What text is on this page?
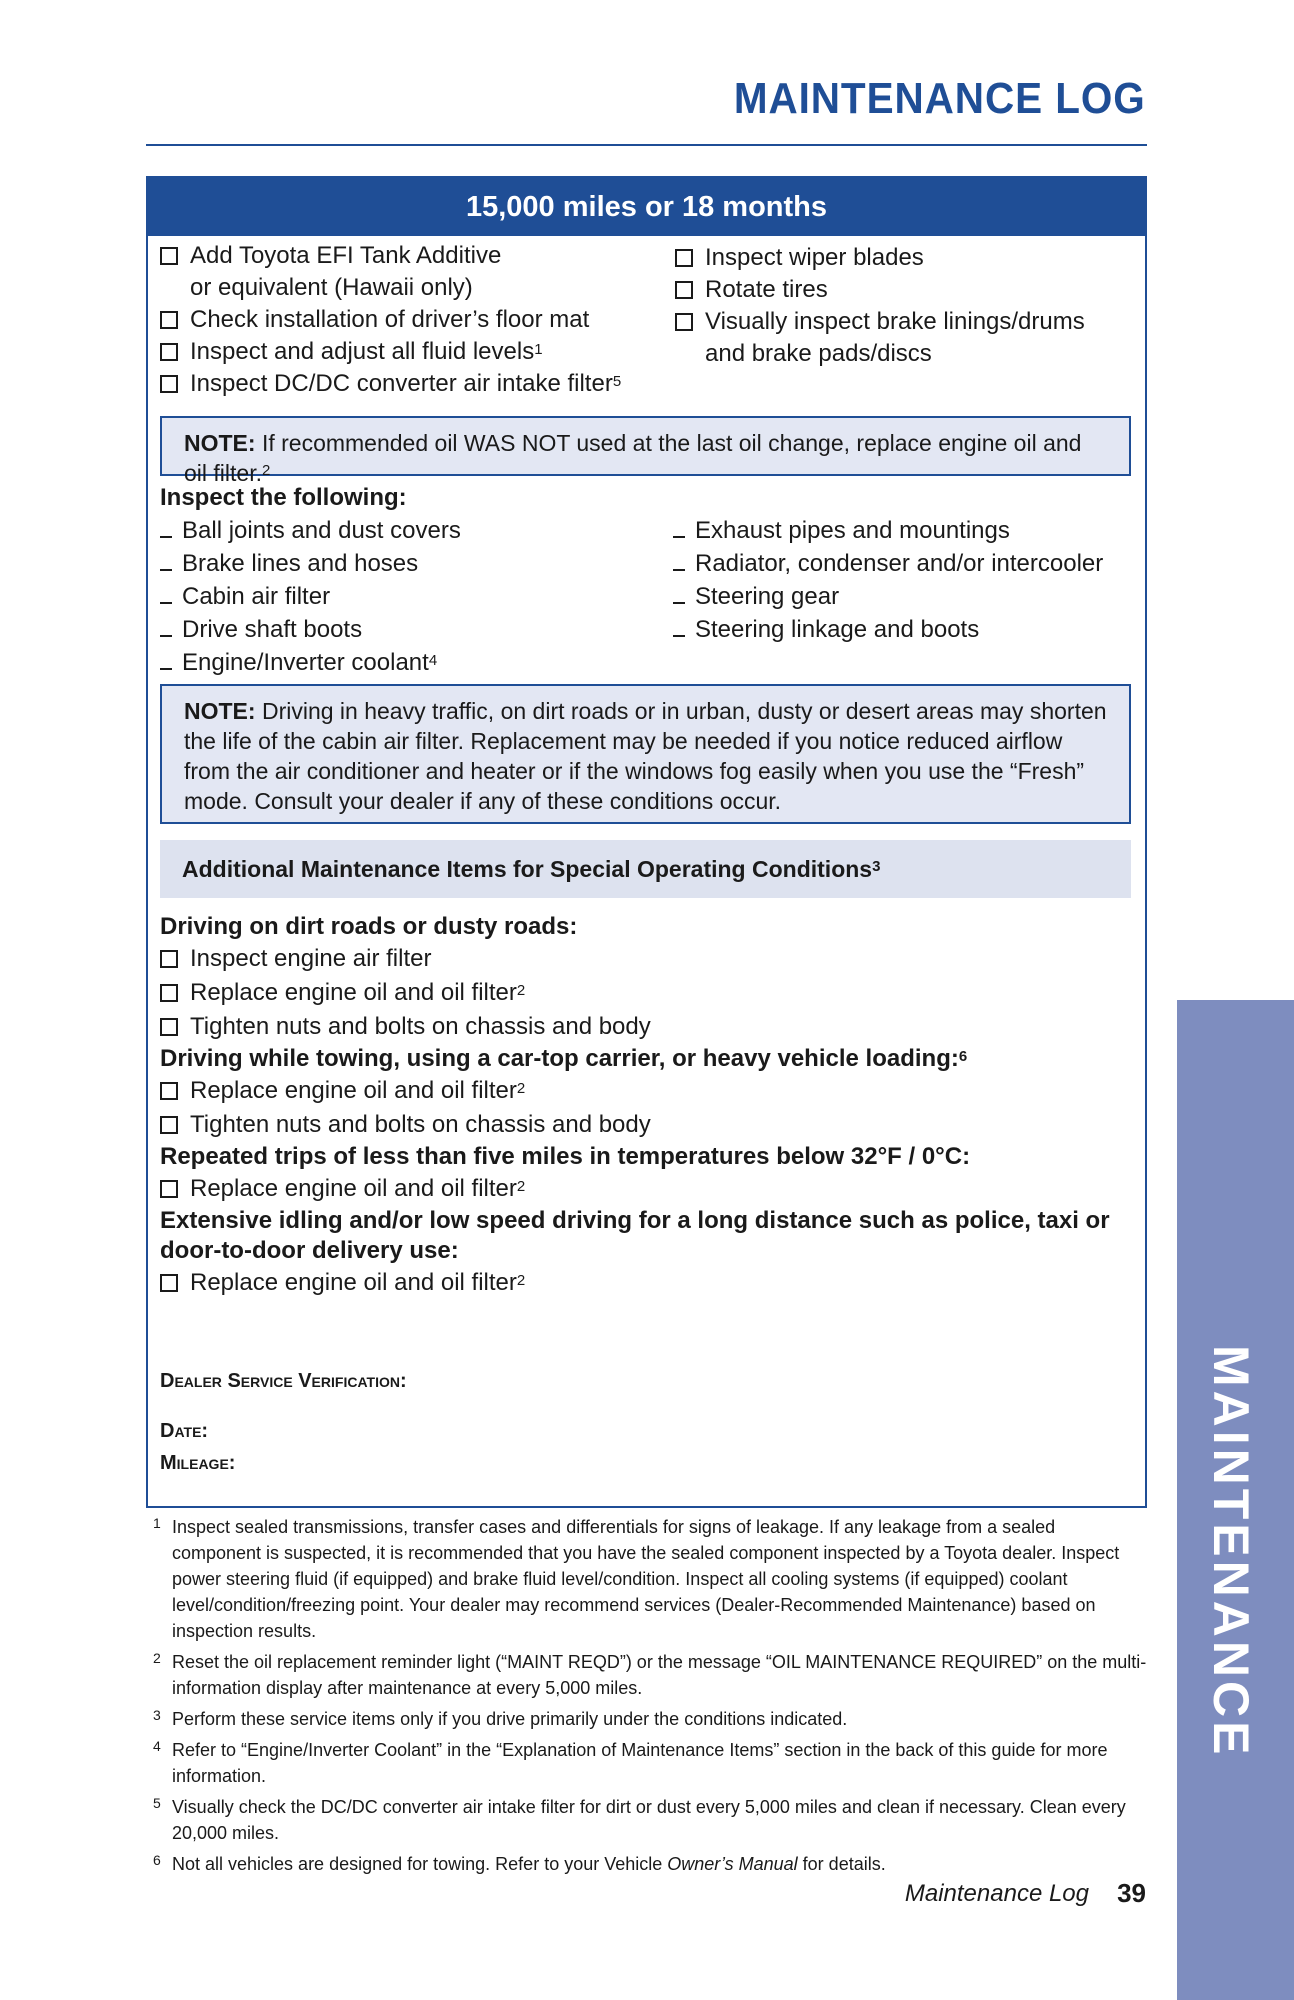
MAINTENANCE LOG
15,000 miles or 18 months
Add Toyota EFI Tank Additive
or equivalent (Hawaii only)
Check installation of driver’s floor mat
Inspect and adjust all fluid levels$^1$
Inspect DC/DC converter air intake filter$^5$
Inspect wiper blades
Rotate tires
Visually inspect brake linings/drums
and brake pads/discs
NOTE: If recommended oil WAS NOT used at the last oil change, replace engine oil and oil filter.$^2$
Inspect the following:
Ball joints and dust covers
Brake lines and hoses
Cabin air filter
Drive shaft boots
Engine/Inverter coolant$^4$
Exhaust pipes and mountings
Radiator, condenser and/or intercooler
Steering gear
Steering linkage and boots
NOTE: Driving in heavy traffic, on dirt roads or in urban, dusty or desert areas may shorten the life of the cabin air filter. Replacement may be needed if you notice reduced airflow from the air conditioner and heater or if the windows fog easily when you use the “Fresh” mode. Consult your dealer if any of these conditions occur.
Additional Maintenance Items for Special Operating Conditions$^3$
Driving on dirt roads or dusty roads:
Inspect engine air filter
Replace engine oil and oil filter$^2$
Tighten nuts and bolts on chassis and body
Driving while towing, using a car-top carrier, or heavy vehicle loading:$^6$
Replace engine oil and oil filter$^2$
Tighten nuts and bolts on chassis and body
Repeated trips of less than five miles in temperatures below 32°F / 0°C:
Replace engine oil and oil filter$^2$
Extensive idling and/or low speed driving for a long distance such as police, taxi or door-to-door delivery use:
Replace engine oil and oil filter$^2$
Dealer Service Verification:
Date:
Mileage:
1 Inspect sealed transmissions, transfer cases and differentials for signs of leakage. If any leakage from a sealed component is suspected, it is recommended that you have the sealed component inspected by a Toyota dealer. Inspect power steering fluid (if equipped) and brake fluid level/condition. Inspect all cooling systems (if equipped) coolant level/condition/freezing point. Your dealer may recommend services (Dealer-Recommended Maintenance) based on inspection results.
2 Reset the oil replacement reminder light (“MAINT REQD”) or the message “OIL MAINTENANCE REQUIRED” on the multi-information display after maintenance at every 5,000 miles.
3 Perform these service items only if you drive primarily under the conditions indicated.
4 Refer to “Engine/Inverter Coolant” in the “Explanation of Maintenance Items” section in the back of this guide for more information.
5 Visually check the DC/DC converter air intake filter for dirt or dust every 5,000 miles and clean if necessary. Clean every 20,000 miles.
6 Not all vehicles are designed for towing. Refer to your Vehicle Owner’s Manual for details.
MAINTENANCE
Maintenance Log 39
